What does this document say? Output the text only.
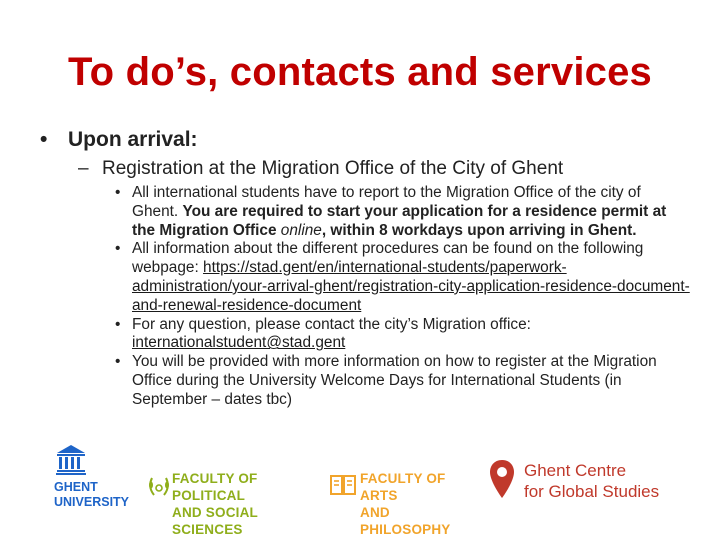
To do’s, contacts and services
• Upon arrival:
– Registration at the Migration Office of the City of Ghent
• All international students have to report to the Migration Office of the city of Ghent. You are required to start your application for a residence permit at the Migration Office online, within 8 workdays upon arriving in Ghent.
• All information about the different procedures can be found on the following webpage: https://stad.gent/en/international-students/paperwork-administration/your-arrival-ghent/registration-city-application-residence-document-and-renewal-residence-document
• For any question, please contact the city’s Migration office: internationalstudent@stad.gent
• You will be provided with more information on how to register at the Migration Office during the University Welcome Days for International Students (in September – dates tbc)
GHENT
UNIVERSITY
FACULTY OF POLITICAL
AND SOCIAL SCIENCES
FACULTY OF ARTS
AND PHILOSOPHY
Ghent Centre
for Global Studies
